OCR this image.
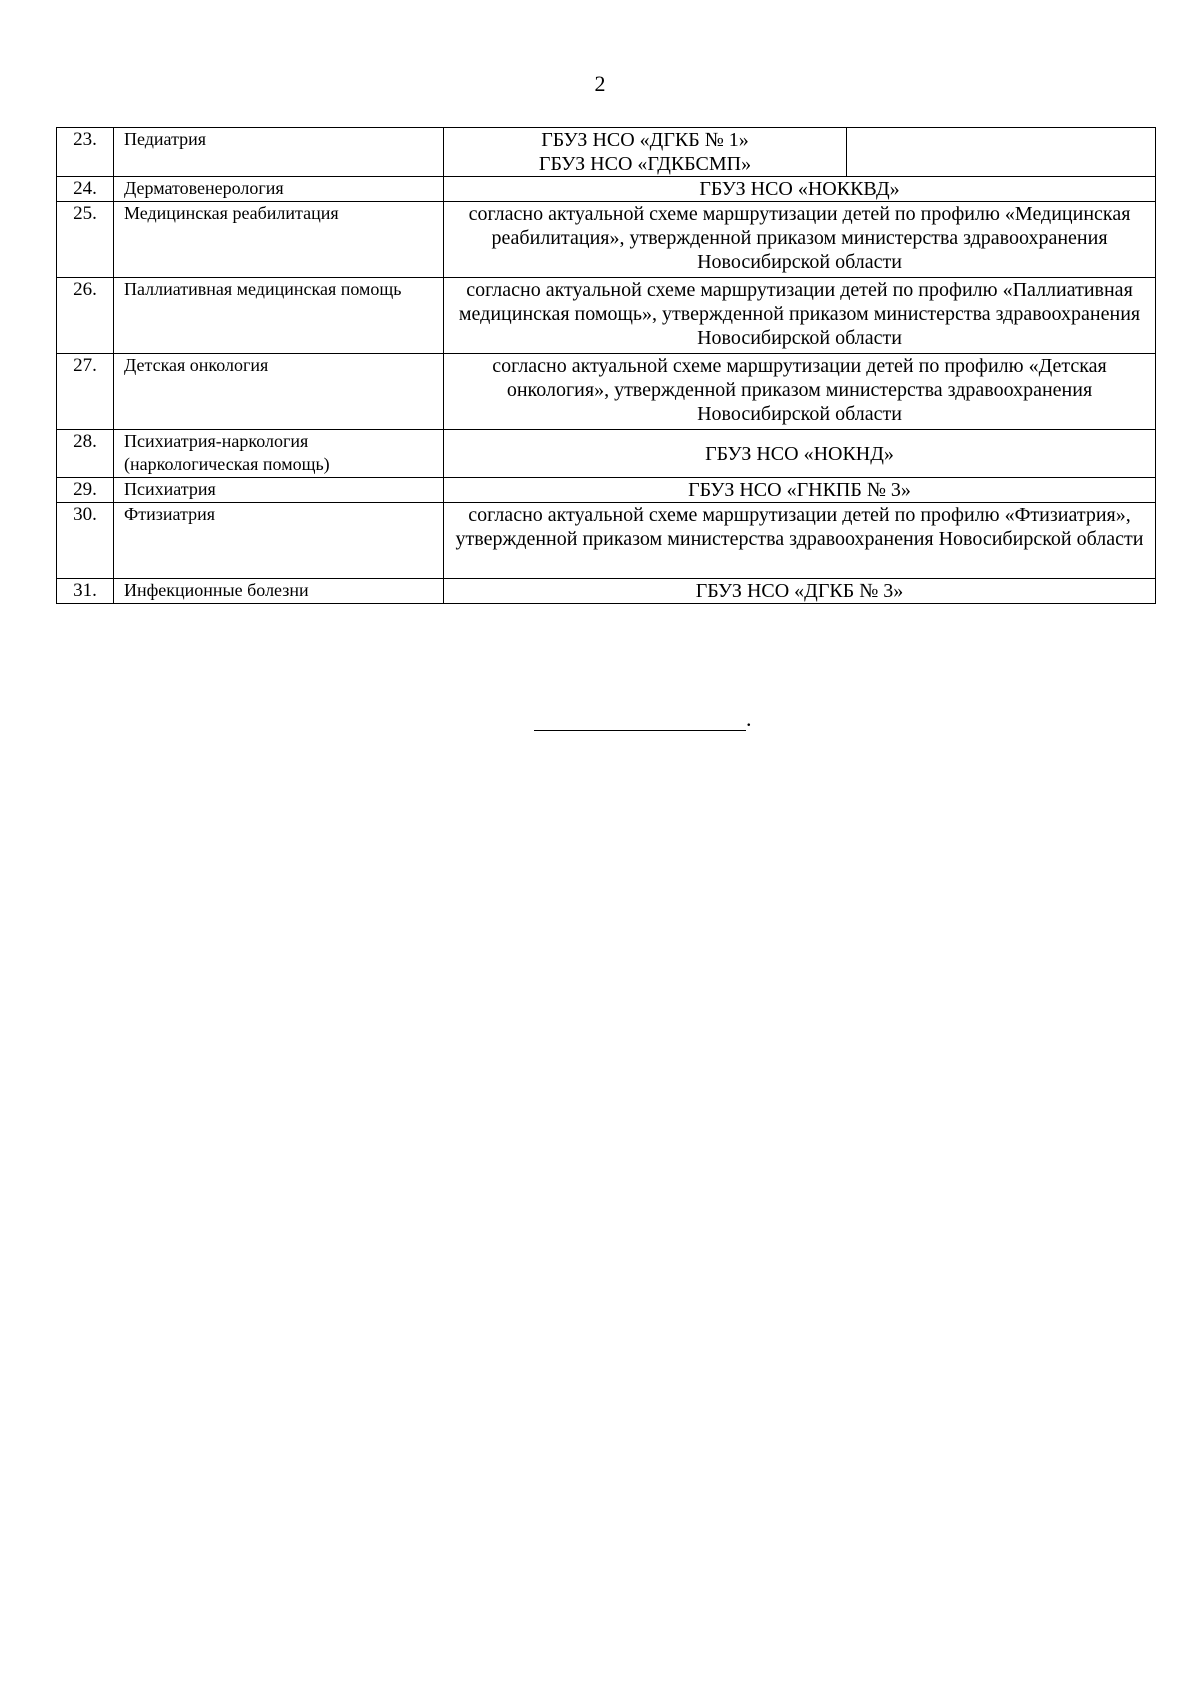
2
23.	Педиатрия	ГБУЗ НСО «ДГКБ № 1»
ГБУЗ НСО «ГДКБСМП»	

24.	Дерматовенерология	ГБУЗ НСО «НОККВД»	
25.	Медицинская реабилитация	согласно актуальной схеме маршрутизации детей по профилю «Медицинская реабилитация», утвержденной приказом министерства здравоохранения Новосибирской области	
26.	Паллиативная медицинская помощь	согласно актуальной схеме маршрутизации детей по профилю «Паллиативная медицинская помощь», утвержденной приказом министерства здравоохранения Новосибирской области	
27.	Детская онкология	согласно актуальной схеме маршрутизации детей по профилю «Детская онкология», утвержденной приказом министерства здравоохранения Новосибирской области	
28.	Психиатрия-наркология (наркологическая помощь)	ГБУЗ НСО «НОКНД»	
29.	Психиатрия	ГБУЗ НСО «ГНКПБ № 3»	
30.	Фтизиатрия	согласно актуальной схеме маршрутизации детей по профилю «Фтизиатрия», утвержденной приказом министерства здравоохранения Новосибирской области	
31.	Инфекционные болезни	ГБУЗ НСО «ДГКБ № 3»	
.
